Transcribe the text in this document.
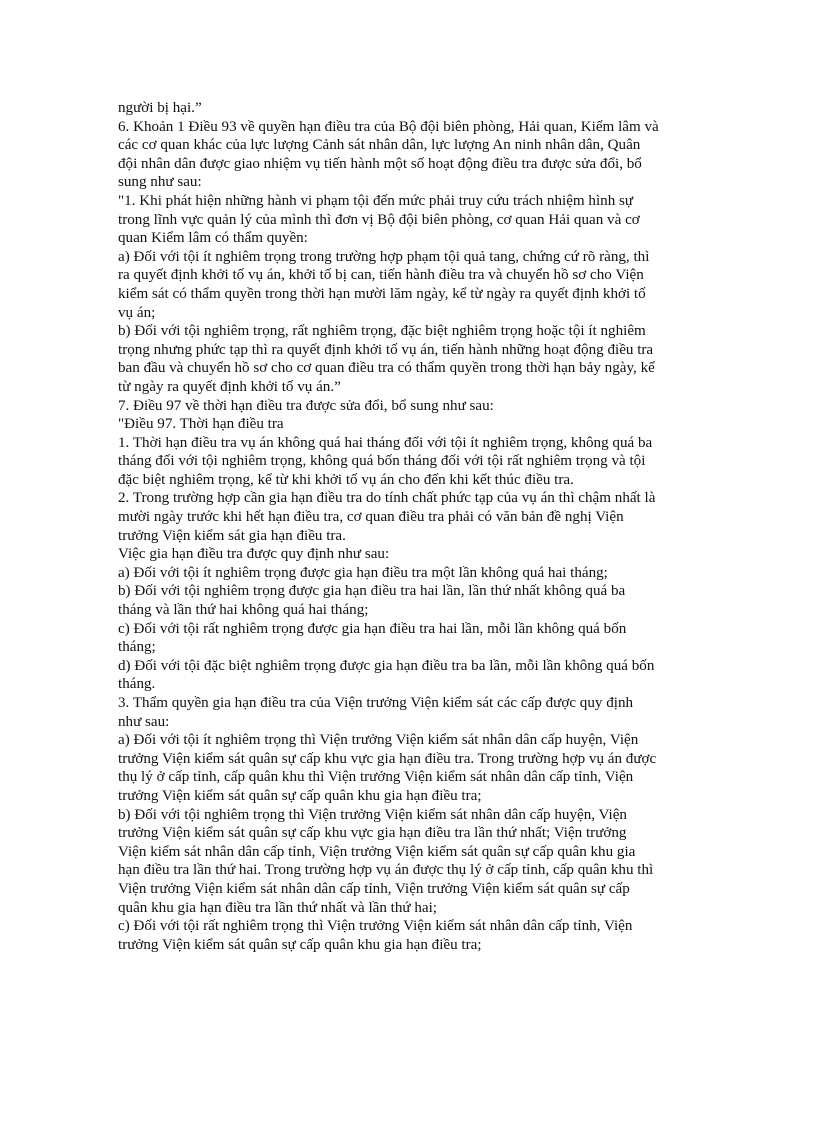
người bị hại.”
6. Khoản 1 Điều 93 về quyền hạn điều tra của Bộ đội biên phòng, Hải quan, Kiểm lâm và
các cơ quan khác của lực lượng Cảnh sát nhân dân, lực lượng An ninh nhân dân, Quân
đội nhân dân được giao nhiệm vụ tiến hành một số hoạt động điều tra được sửa đổi, bổ
sung như sau:
"1. Khi phát hiện những hành vi phạm tội đến mức phải truy cứu trách nhiệm hình sự
trong lĩnh vực quản lý của mình thì đơn vị Bộ đội biên phòng, cơ quan Hải quan và cơ
quan Kiểm lâm có thẩm quyền:
a) Đối với tội ít nghiêm trọng trong trường hợp phạm tội quả tang, chứng cứ rõ ràng, thì
ra quyết định khởi tố vụ án, khởi tố bị can, tiến hành điều tra và chuyển hồ sơ cho Viện
kiểm sát có thẩm quyền trong thời hạn mười lăm ngày, kể từ ngày ra quyết định khởi tố
vụ án;
b) Đối với tội nghiêm trọng, rất nghiêm trọng, đặc biệt nghiêm trọng hoặc tội ít nghiêm
trọng nhưng phức tạp thì ra quyết định khởi tố vụ án, tiến hành những hoạt động điều tra
ban đầu và chuyển hồ sơ cho cơ quan điều tra có thẩm quyền trong thời hạn bảy ngày, kể
từ ngày ra quyết định khởi tố vụ án.”
7. Điều 97 về thời hạn điều tra được sửa đổi, bổ sung như sau:
"Điều 97. Thời hạn điều tra
1. Thời hạn điều tra vụ án không quá hai tháng đối với tội ít nghiêm trọng, không quá ba
tháng đối với tội nghiêm trọng, không quá bốn tháng đối với tội rất nghiêm trọng và tội
đặc biệt nghiêm trọng, kể từ khi khởi tố vụ án cho đến khi kết thúc điều tra.
2. Trong trường hợp cần gia hạn điều tra do tính chất phức tạp của vụ án thì chậm nhất là
mười ngày trước khi hết hạn điều tra, cơ quan điều tra phải có văn bản đề nghị Viện
trưởng Viện kiểm sát gia hạn điều tra.
Việc gia hạn điều tra được quy định như sau:
a) Đối với tội ít nghiêm trọng được gia hạn điều tra một lần không quá hai tháng;
b) Đối với tội nghiêm trọng được gia hạn điều tra hai lần, lần thứ nhất không quá ba
tháng và lần thứ hai không quá hai tháng;
c) Đối với tội rất nghiêm trọng được gia hạn điều tra hai lần, mỗi lần không quá bốn
tháng;
d) Đối với tội đặc biệt nghiêm trọng được gia hạn điều tra ba lần, mỗi lần không quá bốn
tháng.
3. Thẩm quyền gia hạn điều tra của Viện trưởng Viện kiểm sát các cấp được quy định
như sau:
a) Đối với tội ít nghiêm trọng thì Viện trưởng Viện kiểm sát nhân dân cấp huyện, Viện
trưởng Viện kiểm sát quân sự cấp khu vực gia hạn điều tra. Trong trường hợp vụ án được
thụ lý ở cấp tỉnh, cấp quân khu thì Viện trưởng Viện kiểm sát nhân dân cấp tỉnh, Viện
trưởng Viện kiểm sát quân sự cấp quân khu gia hạn điều tra;
b) Đối với tội nghiêm trọng thì Viện trưởng Viện kiểm sát nhân dân cấp huyện, Viện
trưởng Viện kiểm sát quân sự cấp khu vực gia hạn điều tra lần thứ nhất; Viện trưởng
Viện kiểm sát nhân dân cấp tỉnh, Viện trưởng Viện kiểm sát quân sự cấp quân khu gia
hạn điều tra lần thứ hai. Trong trường hợp vụ án được thụ lý ở cấp tỉnh, cấp quân khu thì
Viện trưởng Viện kiểm sát nhân dân cấp tỉnh, Viện trưởng Viện kiểm sát quân sự cấp
quân khu gia hạn điều tra lần thứ nhất và lần thứ hai;
c) Đối với tội rất nghiêm trọng thì Viện trưởng Viện kiểm sát nhân dân cấp tỉnh, Viện
trưởng Viện kiểm sát quân sự cấp quân khu gia hạn điều tra;
